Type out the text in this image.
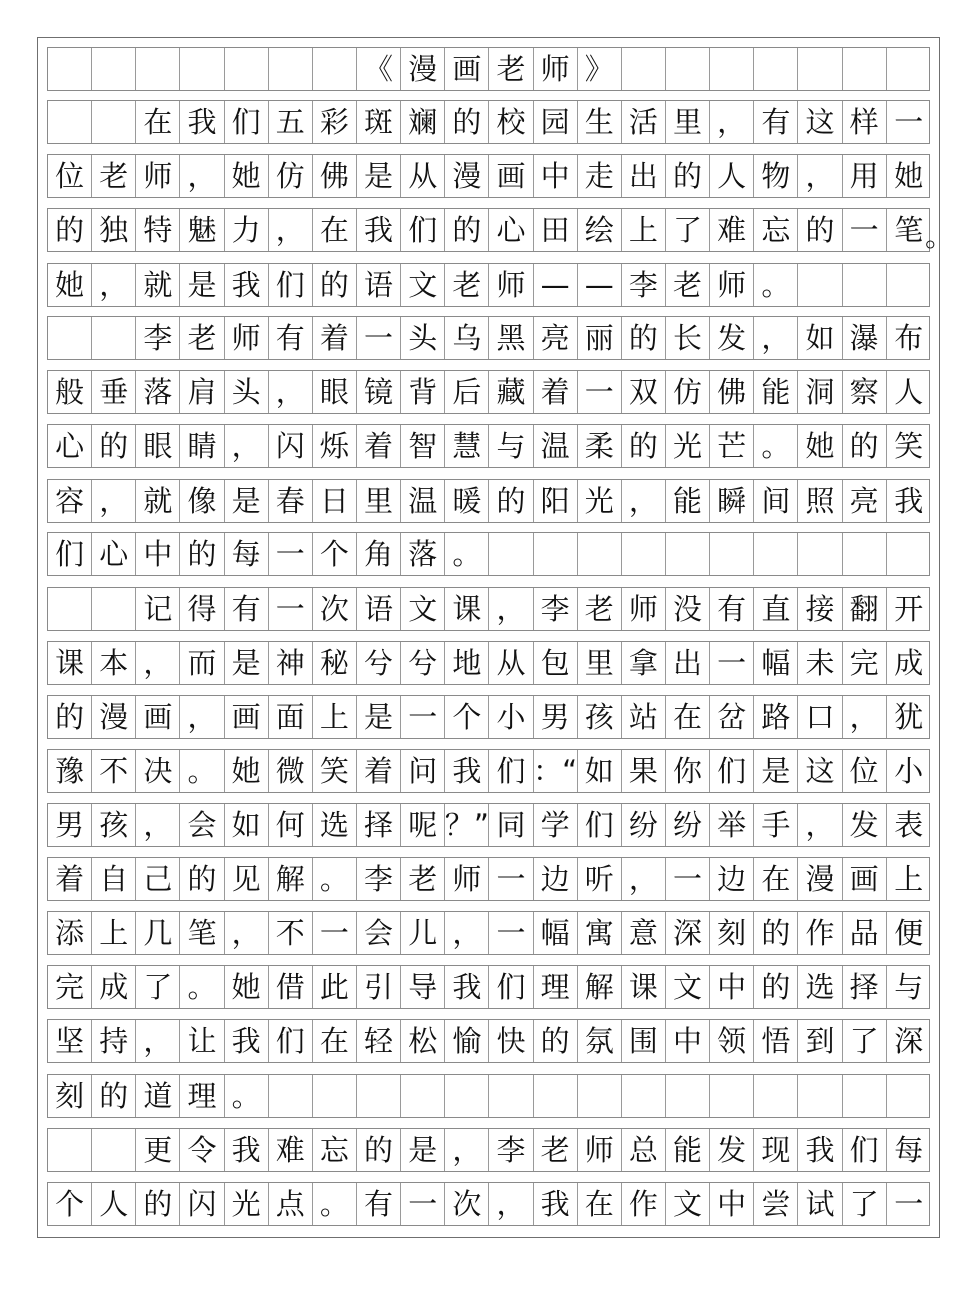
《 漫 画 老 师 》
在 我 们 五 彩 斑 斓 的 校 园 生 活 里 ， 有 这 样 一
位 老 师 ， 她 仿 佛 是 从 漫 画 中 走 出 的 人 物 ， 用 她
的 独 特 魅 力 ， 在 我 们 的 心 田 绘 上 了 难 忘 的 一 笔
她 ， 就 是 我 们 的 语 文 老 师 — — 李 老 师 。
李 老 师 有 着 一 头 乌 黑 亮 丽 的 长 发 ， 如 瀑 布
般 垂 落 肩 头 ， 眼 镜 背 后 藏 着 一 双 仿 佛 能 洞 察 人
心 的 眼 睛 ， 闪 烁 着 智 慧 与 温 柔 的 光 芒 。 她 的 笑
容 ， 就 像 是 春 日 里 温 暖 的 阳 光 ， 能 瞬 间 照 亮 我
们 心 中 的 每 一 个 角 落 。
记 得 有 一 次 语 文 课 ， 李 老 师 没 有 直 接 翻 开
课 本 ， 而 是 神 秘 兮 兮 地 从 包 里 拿 出 一 幅 未 完 成
的 漫 画 ， 画 面 上 是 一 个 小 男 孩 站 在 岔 路 口 ， 犹
豫 不 决 。 她 微 笑 着 问 我 们 ：“ 如 果 你 们 是 这 位 小
男 孩 ， 会 如 何 选 择 呢 ？” 同 学 们 纷 纷 举 手 ， 发 表
着 自 己 的 见 解 。 李 老 师 一 边 听 ， 一 边 在 漫 画 上
添 上 几 笔 ， 不 一 会 儿 ， 一 幅 寓 意 深 刻 的 作 品 便
完 成 了 。 她 借 此 引 导 我 们 理 解 课 文 中 的 选 择 与
坚 持 ， 让 我 们 在 轻 松 愉 快 的 氛 围 中 领 悟 到 了 深
刻 的 道 理 。
更 令 我 难 忘 的 是 ， 李 老 师 总 能 发 现 我 们 每
个 人 的 闪 光 点 。 有 一 次 ， 我 在 作 文 中 尝 试 了 一
。
